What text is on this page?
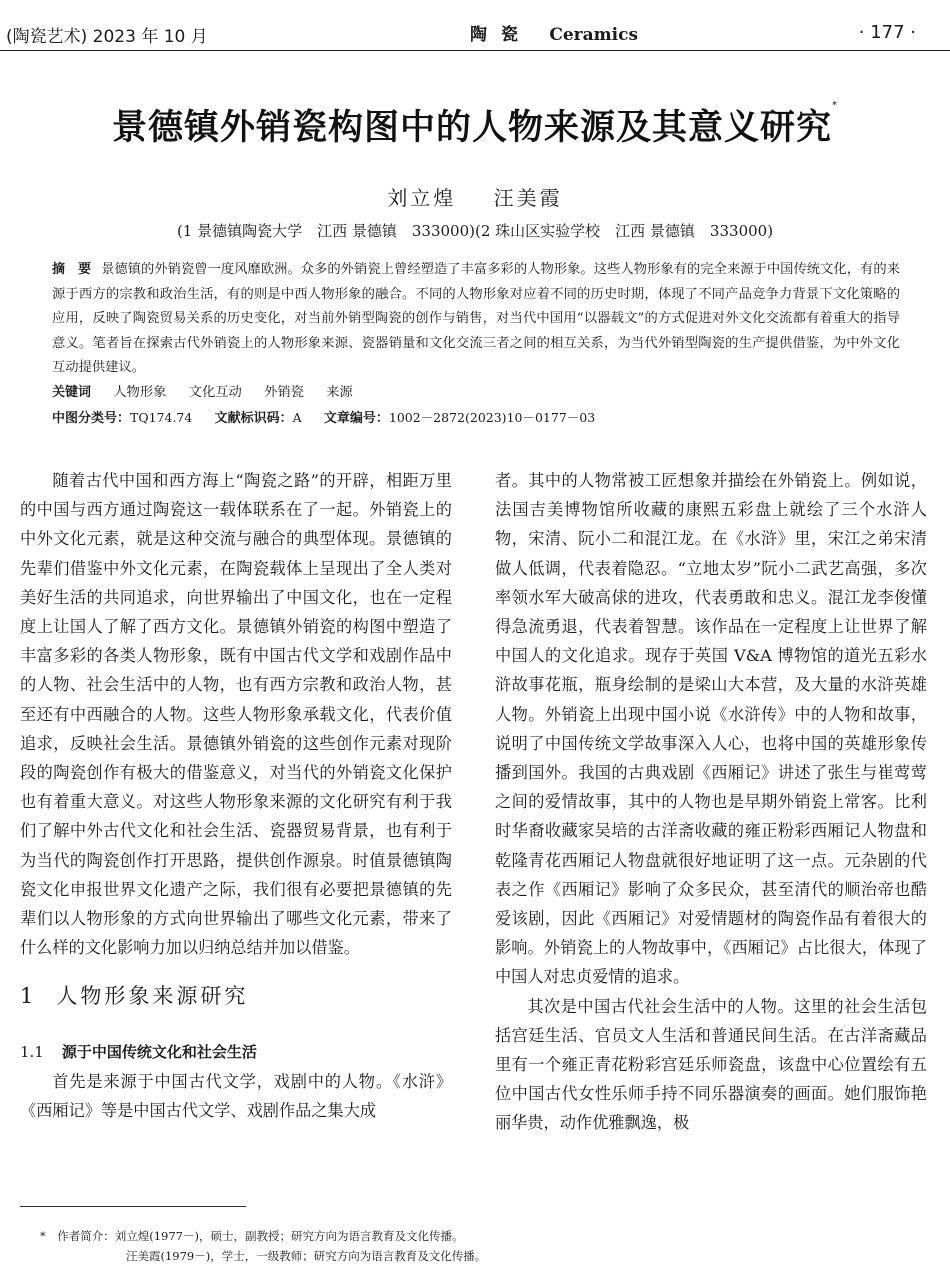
(陶瓷艺术) 2023 年 10 月	陶 瓷 Ceramics	· 177 ·
景德镇外销瓷构图中的人物来源及其意义研究*
刘立煌 汪美霞
(1 景德镇陶瓷大学　江西 景德镇　333000)(2 珠山区实验学校　江西 景德镇　333000)

摘　要 景德镇的外销瓷曾一度风靡欧洲。众多的外销瓷上曾经塑造了丰富多彩的人物形象。这些人物形象有的完全来源于中国传统文化，有的来源于西方的宗教和政治生活，有的则是中西人物形象的融合。不同的人物形象对应着不同的历史时期，体现了不同产品竞争力背景下文化策略的应用，反映了陶瓷贸易关系的历史变化，对当前外销型陶瓷的创作与销售，对当代中国用“以器载文”的方式促进对外文化交流都有着重大的指导意义。笔者旨在探索古代外销瓷上的人物形象来源、瓷器销量和文化交流三者之间的相互关系，为当代外销型陶瓷的生产提供借鉴，为中外文化互动提供建议。

关键词 人物形象 文化互动 外销瓷 来源

中图分类号：TQ174.74 文献标识码：A 文章编号：1002－2872(2023)10－0177－03

随着古代中国和西方海上“陶瓷之路”的开辟，相距万里的中国与西方通过陶瓷这一载体联系在了一起。外销瓷上的中外文化元素，就是这种交流与融合的典型体现。景德镇的先辈们借鉴中外文化元素，在陶瓷载体上呈现出了全人类对美好生活的共同追求，向世界输出了中国文化，也在一定程度上让国人了解了西方文化。景德镇外销瓷的构图中塑造了丰富多彩的各类人物形象，既有中国古代文学和戏剧作品中的人物、社会生活中的人物，也有西方宗教和政治人物，甚至还有中西融合的人物。这些人物形象承载文化，代表价值追求，反映社会生活。景德镇外销瓷的这些创作元素对现阶段的陶瓷创作有极大的借鉴意义，对当代的外销瓷文化保护也有着重大意义。对这些人物形象来源的文化研究有利于我们了解中外古代文化和社会生活、瓷器贸易背景，也有利于为当代的陶瓷创作打开思路，提供创作源泉。时值景德镇陶瓷文化申报世界文化遗产之际，我们很有必要把景德镇的先辈们以人物形象的方式向世界输出了哪些文化元素，带来了什么样的文化影响力加以归纳总结并加以借鉴。

1 人物形象来源研究
1.1 源于中国传统文化和社会生活

首先是来源于中国古代文学，戏剧中的人物。《水浒》《西厢记》等是中国古代文学、戏剧作品之集大成

者。其中的人物常被工匠想象并描绘在外销瓷上。例如说，法国吉美博物馆所收藏的康熙五彩盘上就绘了三个水浒人物，宋清、阮小二和混江龙。在《水浒》里，宋江之弟宋清做人低调，代表着隐忍。“立地太岁”阮小二武艺高强，多次率领水军大破高俅的进攻，代表勇敢和忠义。混江龙李俊懂得急流勇退，代表着智慧。该作品在一定程度上让世界了解中国人的文化追求。现存于英国 V&A 博物馆的道光五彩水浒故事花瓶，瓶身绘制的是梁山大本营，及大量的水浒英雄人物。外销瓷上出现中国小说《水浒传》中的人物和故事，说明了中国传统文学故事深入人心，也将中国的英雄形象传播到国外。我国的古典戏剧《西厢记》讲述了张生与崔莺莺之间的爱情故事，其中的人物也是早期外销瓷上常客。比利时华裔收藏家吴培的古洋斋收藏的雍正粉彩西厢记人物盘和乾隆青花西厢记人物盘就很好地证明了这一点。元杂剧的代表之作《西厢记》影响了众多民众，甚至清代的顺治帝也酷爱该剧，因此《西厢记》对爱情题材的陶瓷作品有着很大的影响。外销瓷上的人物故事中，《西厢记》占比很大，体现了中国人对忠贞爱情的追求。

其次是中国古代社会生活中的人物。这里的社会生活包括宫廷生活、官员文人生活和普通民间生活。在古洋斋藏品里有一个雍正青花粉彩宫廷乐师瓷盘，该盘中心位置绘有五位中国古代女性乐师手持不同乐器演奏的画面。她们服饰艳丽华贵，动作优雅飘逸，极

*　 作者简介：刘立煌(1977－)，硕士，副教授；研究方向为语言教育及文化传播。
汪美霞(1979－)，学士，一级教师；研究方向为语言教育及文化传播。
